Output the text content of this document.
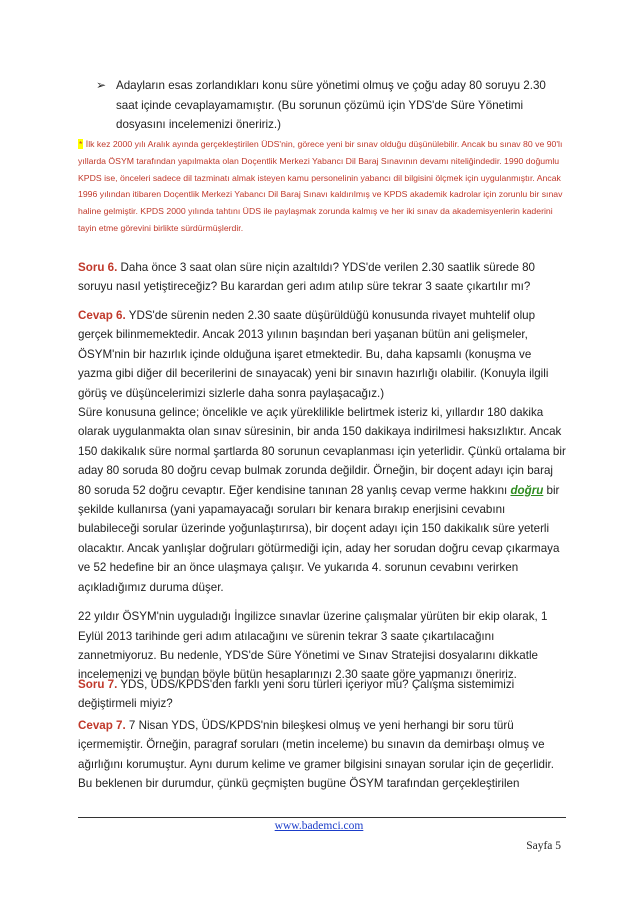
➢ Adayların esas zorlandıkları konu süre yönetimi olmuş ve çoğu aday 80 soruyu 2.30 saat içinde cevaplayamamıştır. (Bu sorunun çözümü için YDS'de Süre Yönetimi dosyasını incelemenizi öneririz.)
* İlk kez 2000 yılı Aralık ayında gerçekleştirilen ÜDS'nin, görece yeni bir sınav olduğu düşünülebilir. Ancak bu sınav 80 ve 90'lı yıllarda ÖSYM tarafından yapılmakta olan Doçentlik Merkezi Yabancı Dil Baraj Sınavının devamı niteliğindedir. 1990 doğumlu KPDS ise, önceleri sadece dil tazminatı almak isteyen kamu personelinin yabancı dil bilgisini ölçmek için uygulanmıştır. Ancak 1996 yılından itibaren Doçentlik Merkezi Yabancı Dil Baraj Sınavı kaldırılmış ve KPDS akademik kadrolar için zorunlu bir sınav haline gelmiştir. KPDS 2000 yılında tahtını ÜDS ile paylaşmak zorunda kalmış ve her iki sınav da akademisyenlerin kaderini tayin etme görevini birlikte sürdürmüşlerdir.
Soru 6. Daha önce 3 saat olan süre niçin azaltıldı? YDS'de verilen 2.30 saatlik sürede 80 soruyu nasıl yetiştireceğiz? Bu karardan geri adım atılıp süre tekrar 3 saate çıkartılır mı?
Cevap 6. YDS'de sürenin neden 2.30 saate düşürüldüğü konusunda rivayet muhtelif olup gerçek bilinmemektedir. Ancak 2013 yılının başından beri yaşanan bütün ani gelişmeler, ÖSYM'nin bir hazırlık içinde olduğuna işaret etmektedir. Bu, daha kapsamlı (konuşma ve yazma gibi diğer dil becerilerini de sınayacak) yeni bir sınavın hazırlığı olabilir. (Konuyla ilgili görüş ve düşüncelerimizi sizlerle daha sonra paylaşacağız.)
Süre konusuna gelince; öncelikle ve açık yüreklilikle belirtmek isteriz ki, yıllardır 180 dakika olarak uygulanmakta olan sınav süresinin, bir anda 150 dakikaya indirilmesi haksızlıktır. Ancak 150 dakikalık süre normal şartlarda 80 sorunun cevaplanması için yeterlidir. Çünkü ortalama bir aday 80 soruda 80 doğru cevap bulmak zorunda değildir. Örneğin, bir doçent adayı için baraj 80 soruda 52 doğru cevaptır. Eğer kendisine tanınan 28 yanlış cevap verme hakkını doğru bir şekilde kullanırsa (yani yapamayacağı soruları bir kenara bırakıp enerjisini cevabını bulabileceği sorular üzerinde yoğunlaştırırsa), bir doçent adayı için 150 dakikalık süre yeterli olacaktır. Ancak yanlışlar doğruları götürmediği için, aday her sorudan doğru cevap çıkarmaya ve 52 hedefine bir an önce ulaşmaya çalışır. Ve yukarıda 4. sorunun cevabını verirken açıkladığımız duruma düşer.
22 yıldır ÖSYM'nin uyguladığı İngilizce sınavlar üzerine çalışmalar yürüten bir ekip olarak, 1 Eylül 2013 tarihinde geri adım atılacağını ve sürenin tekrar 3 saate çıkartılacağını zannetmiyoruz. Bu nedenle, YDS'de Süre Yönetimi ve Sınav Stratejisi dosyalarını dikkatle incelemenizi ve bundan böyle bütün hesaplarınızı 2.30 saate göre yapmanızı öneririz.
Soru 7. YDS, ÜDS/KPDS'den farklı yeni soru türleri içeriyor mu? Çalışma sistemimizi değiştirmeli miyiz?
Cevap 7. 7 Nisan YDS, ÜDS/KPDS'nin bileşkesi olmuş ve yeni herhangi bir soru türü içermemiştir. Örneğin, paragraf soruları (metin inceleme) bu sınavın da demirbaşı olmuş ve ağırlığını korumuştur. Aynı durum kelime ve gramer bilgisini sınayan sorular için de geçerlidir. Bu beklenen bir durumdur, çünkü geçmişten bugüne ÖSYM tarafından gerçekleştirilen
www.bademci.com
Sayfa 5
